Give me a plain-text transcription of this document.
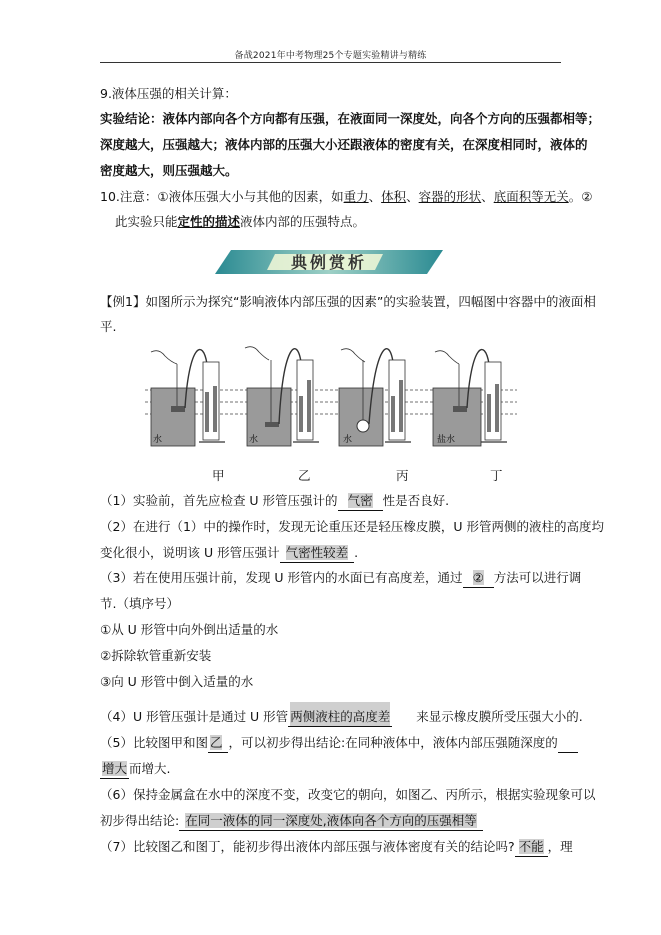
备战2021年中考物理25个专题实验精讲与精练
9.液体压强的相关计算：
实验结论：液体内部向各个方向都有压强，在液面同一深度处，向各个方向的压强都相等；
深度越大，压强越大；液体内部的压强大小还跟液体的密度有关，在深度相同时，液体的
密度越大，则压强越大。
10.注意：①液体压强大小与其他的因素，如重力、体积、容器的形状、底面积等无关。②
此实验只能定性的描述液体内部的压强特点。
典例赏析
【例1】如图所示为探究“影响液体内部压强的因素”的实验装置，四幅图中容器中的液面相
平.
水	水	水	盐水
甲	乙	丙	丁
（1）实验前，首先应检查 U 形管压强计的 气密 性是否良好.
（2）在进行（1）中的操作时，发现无论重压还是轻压橡皮膜，U 形管两侧的液柱的高度均
变化很小，说明该 U 形管压强计 气密性较差 .
（3）若在使用压强计前，发现 U 形管内的水面已有高度差，通过 ② 方法可以进行调
节.（填序号）
①从 U 形管中向外倒出适量的水
②拆除软管重新安装
③向 U 形管中倒入适量的水
（4）U 形管压强计是通过 U 形管 两侧液柱的高度差 来显示橡皮膜所受压强大小的.
（5）比较图甲和图 乙 ，可以初步得出结论:在同种液体中，液体内部压强随深度的
增大 而增大.
（6）保持金属盒在水中的深度不变，改变它的朝向，如图乙、丙所示，根据实验现象可以
初步得出结论: 在同一液体的同一深度处,液体向各个方向的压强相等
（7）比较图乙和图丁，能初步得出液体内部压强与液体密度有关的结论吗? 不能 ，理
